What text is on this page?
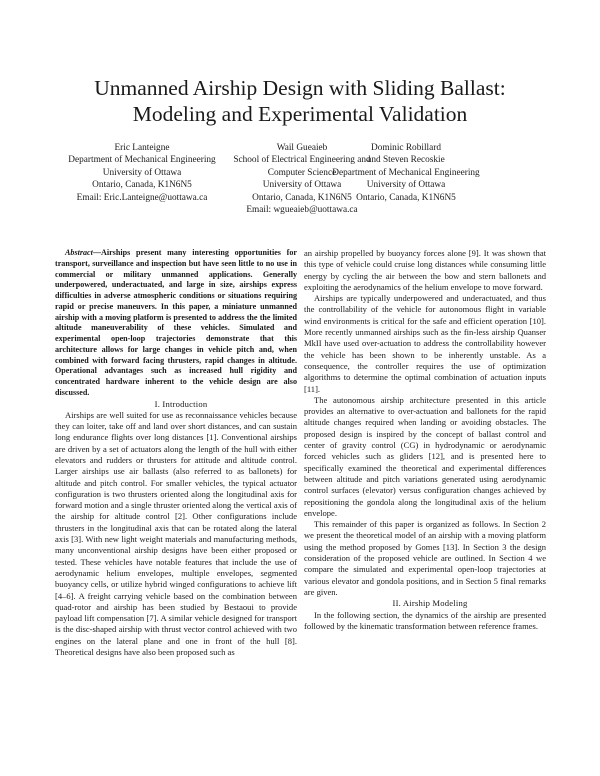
Unmanned Airship Design with Sliding Ballast:
Modeling and Experimental Validation
Eric Lanteigne
Department of Mechanical Engineering
University of Ottawa
Ontario, Canada, K1N6N5
Email: Eric.Lanteigne@uottawa.ca
Wail Gueaieb
School of Electrical Engineering and
Computer Science
University of Ottawa
Ontario, Canada, K1N6N5
Email: wgueaieb@uottawa.ca
Dominic Robillard
and Steven Recoskie
Department of Mechanical Engineering
University of Ottawa
Ontario, Canada, K1N6N5

Abstract—Airships present many interesting opportunities for transport, surveillance and inspection but have seen little to no use in commercial or military unmanned applications. Generally underpowered, underactuated, and large in size, airships express difficulties in adverse atmospheric conditions or situations requiring rapid or precise maneuvers. In this paper, a miniature unmanned airship with a moving platform is presented to address the the limited altitude maneuverability of these vehicles. Simulated and experimental open-loop trajectories demonstrate that this architecture allows for large changes in vehicle pitch and, when combined with forward facing thrusters, rapid changes in altitude. Operational advantages such as increased hull rigidity and concentrated hardware inherent to the vehicle design are also discussed.

I. Introduction

Airships are well suited for use as reconnaissance vehicles because they can loiter, take off and land over short distances, and can sustain long endurance flights over long distances [1]. Conventional airships are driven by a set of actuators along the length of the hull with either elevators and rudders or thrusters for attitude and altitude control. Larger airships use air ballasts (also referred to as ballonets) for altitude and pitch control. For smaller vehicles, the typical actuator configuration is two thrusters oriented along the longitudinal axis for forward motion and a single thruster oriented along the vertical axis of the airship for altitude control [2]. Other configurations include thrusters in the longitudinal axis that can be rotated along the lateral axis [3]. With new light weight materials and manufacturing methods, many unconventional airship designs have been either proposed or tested. These vehicles have notable features that include the use of aerodynamic helium envelopes, multiple envelopes, segmented buoyancy cells, or utilize hybrid winged configurations to achieve lift [4–6]. A freight carrying vehicle based on the combination between quad-rotor and airship has been studied by Bestaoui to provide payload lift compensation [7]. A similar vehicle designed for transport is the disc-shaped airship with thrust vector control achieved with two engines on the lateral plane and one in front of the hull [8]. Theoretical designs have also been proposed such as

an airship propelled by buoyancy forces alone [9]. It was shown that this type of vehicle could cruise long distances while consuming little energy by cycling the air between the bow and stern ballonets and exploiting the aerodynamics of the helium envelope to move forward.

Airships are typically underpowered and underactuated, and thus the controllability of the vehicle for autonomous flight in variable wind environments is critical for the safe and efficient operation [10]. More recently unmanned airships such as the fin-less airship Quanser MkII have used over-actuation to address the controllability however the vehicle has been shown to be inherently unstable. As a consequence, the controller requires the use of optimization algorithms to determine the optimal combination of actuation inputs [11].

The autonomous airship architecture presented in this article provides an alternative to over-actuation and ballonets for the rapid altitude changes required when landing or avoiding obstacles. The proposed design is inspired by the concept of ballast control and center of gravity control (CG) in hydrodynamic or aerodynamic forced vehicles such as gliders [12], and is presented here to specifically examined the theoretical and experimental differences between altitude and pitch variations generated using aerodynamic control surfaces (elevator) versus configuration changes achieved by repositioning the gondola along the longitudinal axis of the helium envelope.

This remainder of this paper is organized as follows. In Section 2 we present the theoretical model of an airship with a moving platform using the method proposed by Gomes [13]. In Section 3 the design consideration of the proposed vehicle are outlined. In Section 4 we compare the simulated and experimental open-loop trajectories at various elevator and gondola positions, and in Section 5 final remarks are given.

II. Airship Modeling

In the following section, the dynamics of the airship are presented followed by the kinematic transformation between reference frames.
